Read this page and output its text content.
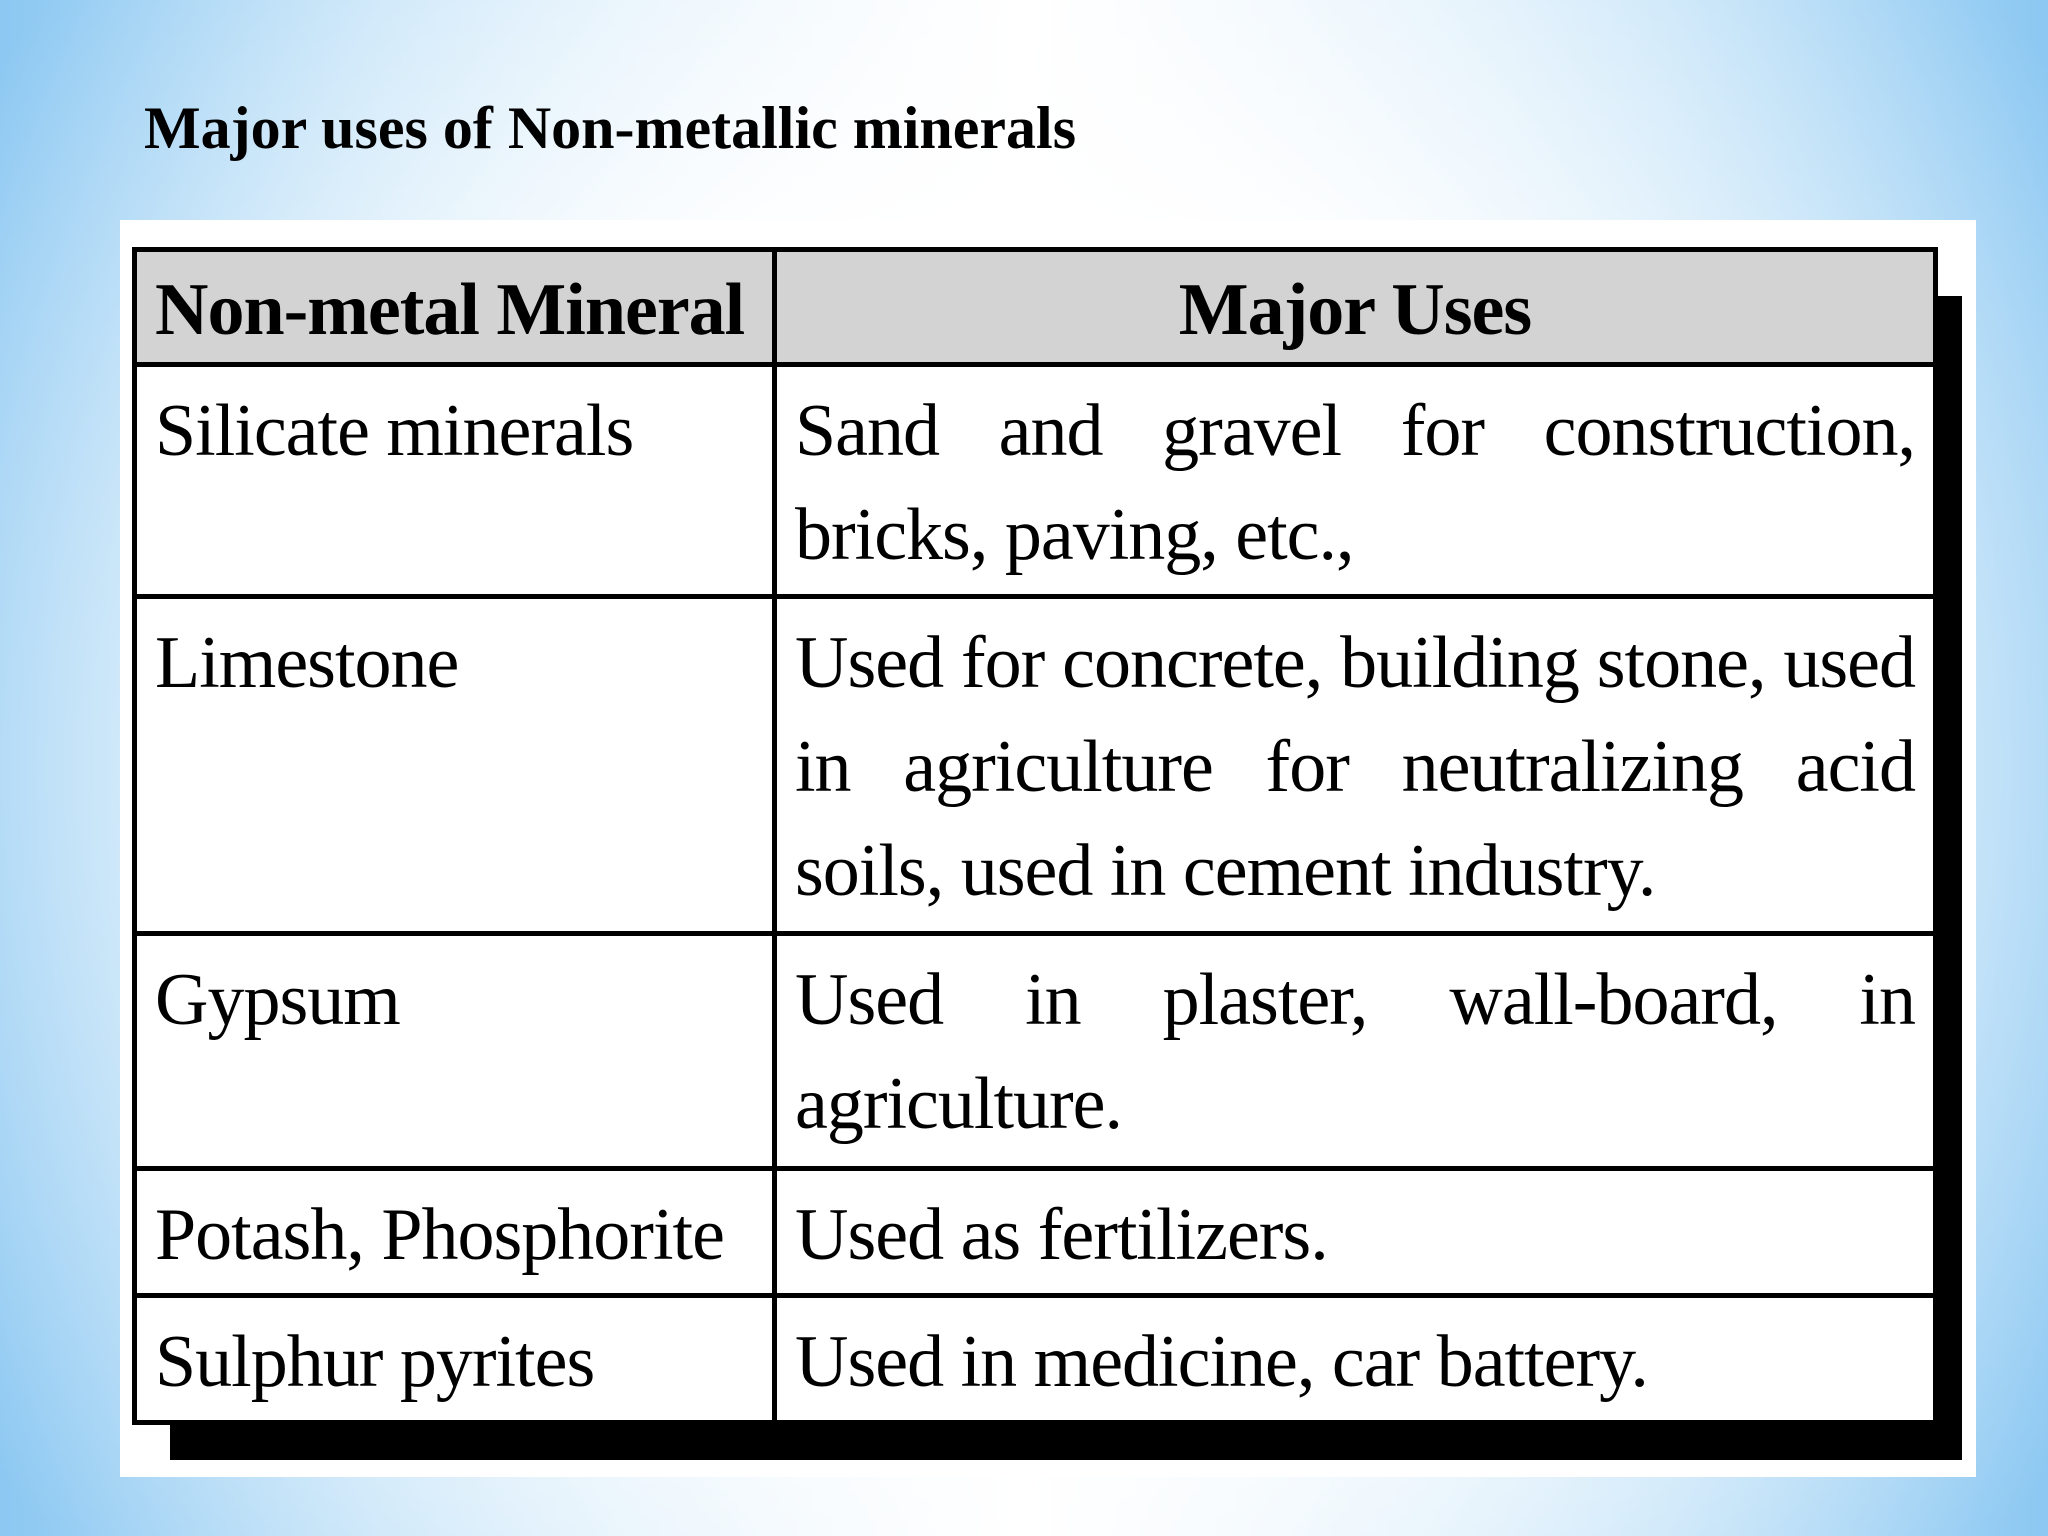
Major uses of Non-metallic minerals
Non-metal Mineral	Major Uses
Silicate minerals	Sand and gravel for construction, bricks, paving, etc.,
Limestone	Used for concrete, building stone, used in agriculture for neutralizing acid soils, used in cement industry.
Gypsum	Used in plaster, wall-board, in agriculture.
Potash, Phosphorite	Used as fertilizers.
Sulphur pyrites	Used in medicine, car battery.
